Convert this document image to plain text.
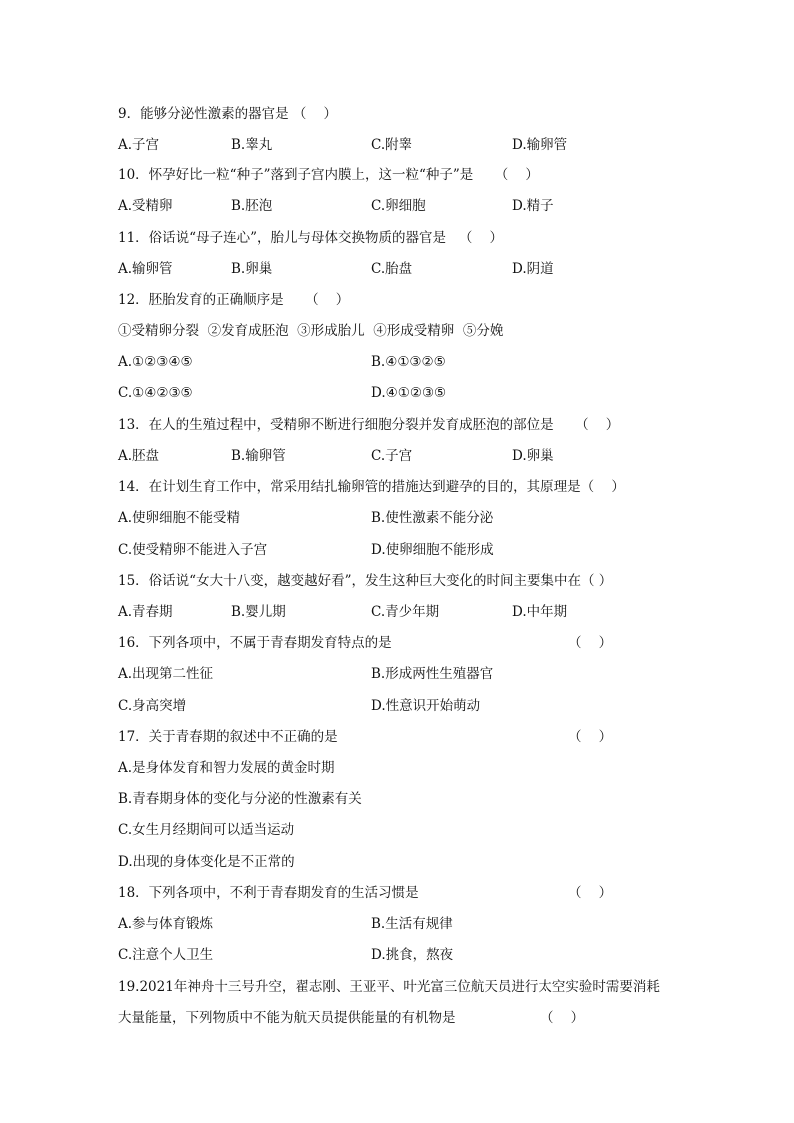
9．能够分泌性激素的器官是 （    ）
A.子宫	B.睾丸	C.附睾	D.输卵管
10．怀孕好比一粒“种子”落到子宫内膜上，这一粒“种子”是     （    ）
A.受精卵	B.胚泡	C.卵细胞	D.精子
11．俗话说“母子连心”，胎儿与母体交换物质的器官是   （    ）
A.输卵管	B.卵巢	C.胎盘	D.阴道
12．胚胎发育的正确顺序是     （    ）
①受精卵分裂  ②发育成胚泡  ③形成胎儿  ④形成受精卵  ⑤分娩
A.①②③④⑤	B.④①③②⑤
C.①④②③⑤	D.④①②③⑤
13．在人的生殖过程中，受精卵不断进行细胞分裂并发育成胚泡的部位是     （    ）
A.胚盘	B.输卵管	C.子宫	D.卵巢
14．在计划生育工作中，常采用结扎输卵管的措施达到避孕的目的，其原理是（    ）
A.使卵细胞不能受精	B.使性激素不能分泌
C.使受精卵不能进入子宫	D.使卵细胞不能形成
15．俗话说“女大十八变，越变越好看”，发生这种巨大变化的时间主要集中在（ ）
A.青春期	B.婴儿期	C.青少年期	D.中年期
16．下列各项中，不属于青春期发育特点的是	（    ）
A.出现第二性征	B.形成两性生殖器官
C.身高突增	D.性意识开始萌动
17．关于青春期的叙述中不正确的是	（    ）
A.是身体发育和智力发展的黄金时期
B.青春期身体的变化与分泌的性激素有关
C.女生月经期间可以适当运动
D.出现的身体变化是不正常的
18．下列各项中，不利于青春期发育的生活习惯是	（    ）
A.参与体育锻炼	B.生活有规律
C.注意个人卫生	D.挑食，熬夜
19.2021年神舟十三号升空，翟志刚、王亚平、叶光富三位航天员进行太空实验时需要消耗
大量能量，下列物质中不能为航天员提供能量的有机物是	（    ）
